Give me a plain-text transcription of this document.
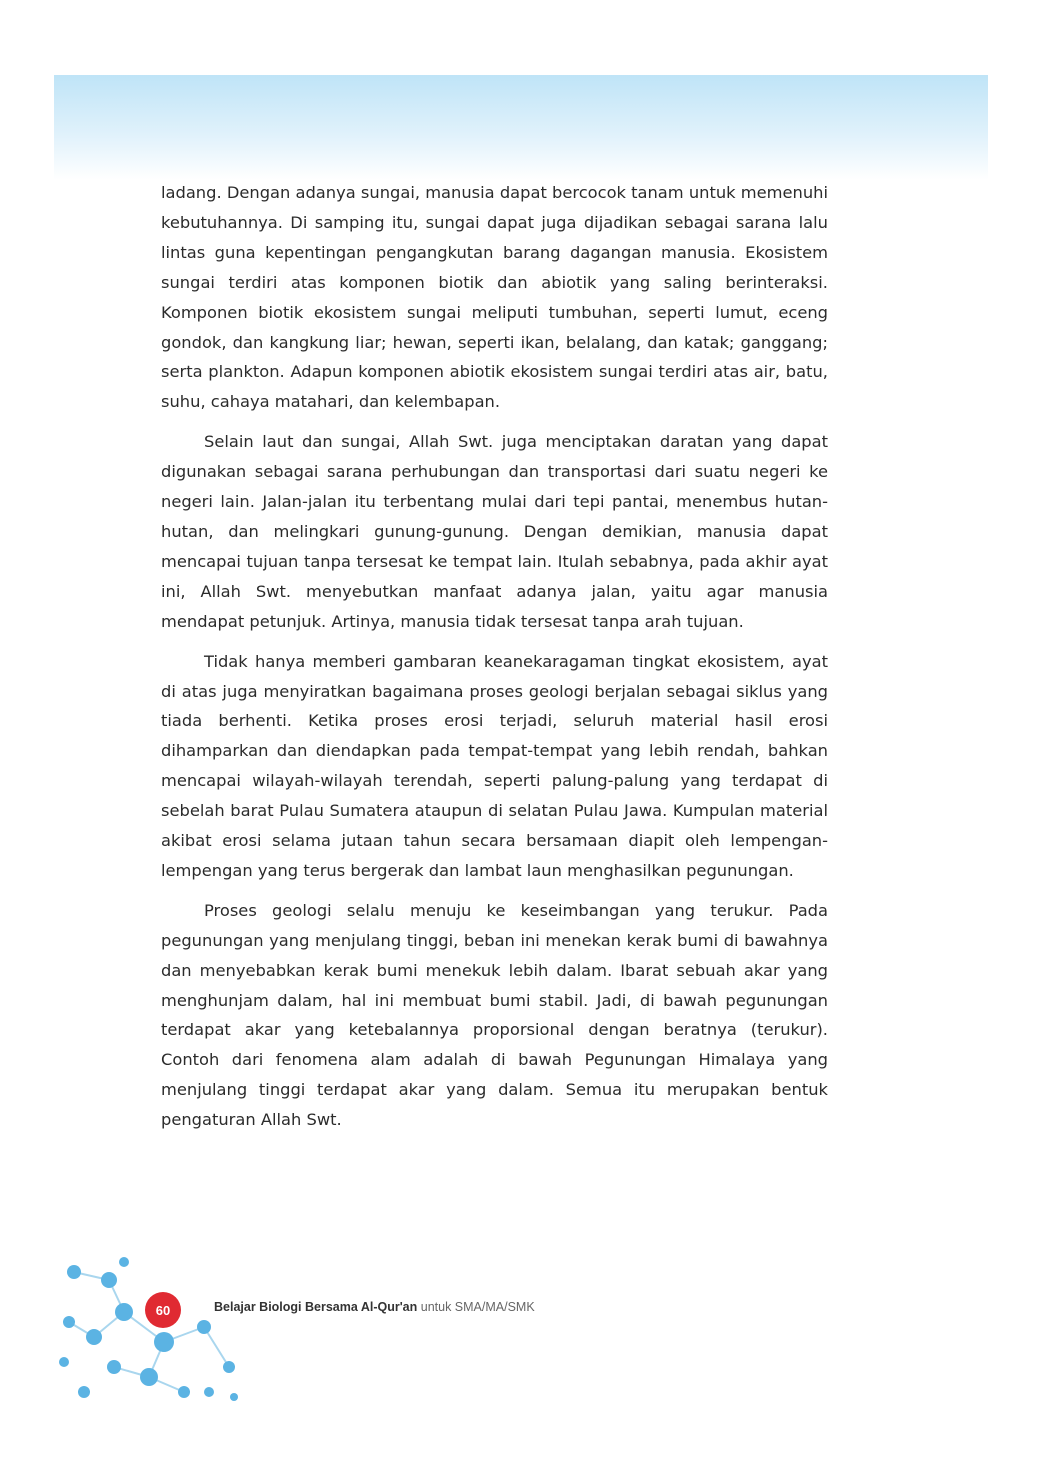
ladang. Dengan adanya sungai, manusia dapat bercocok tanam untuk memenuhi kebutuhannya. Di samping itu, sungai dapat juga dijadikan sebagai sarana lalu lintas guna kepentingan pengangkutan barang dagangan manusia. Ekosistem sungai terdiri atas komponen biotik dan abiotik yang saling berinteraksi. Komponen biotik ekosistem sungai meliputi tumbuhan, seperti lumut, eceng gondok, dan kangkung liar; hewan, seperti ikan, belalang, dan katak; ganggang; serta plankton. Adapun komponen abiotik ekosistem sungai terdiri atas air, batu, suhu, cahaya matahari, dan kelembapan.

Selain laut dan sungai, Allah Swt. juga menciptakan daratan yang dapat digunakan sebagai sarana perhubungan dan transportasi dari suatu negeri ke negeri lain. Jalan-jalan itu terbentang mulai dari tepi pantai, menembus hutan-hutan, dan melingkari gunung-gunung. Dengan demikian, manusia dapat mencapai tujuan tanpa tersesat ke tempat lain. Itulah sebabnya, pada akhir ayat ini, Allah Swt. menyebutkan manfaat adanya jalan, yaitu agar manusia mendapat petunjuk. Artinya, manusia tidak tersesat tanpa arah tujuan.

Tidak hanya memberi gambaran keanekaragaman tingkat ekosistem, ayat di atas juga menyiratkan bagaimana proses geologi berjalan sebagai siklus yang tiada berhenti. Ketika proses erosi terjadi, seluruh material hasil erosi dihamparkan dan diendapkan pada tempat-tempat yang lebih rendah, bahkan mencapai wilayah-wilayah terendah, seperti palung-palung yang terdapat di sebelah barat Pulau Sumatera ataupun di selatan Pulau Jawa. Kumpulan material akibat erosi selama jutaan tahun secara bersamaan diapit oleh lempengan-lempengan yang terus bergerak dan lambat laun menghasilkan pegunungan.

Proses geologi selalu menuju ke keseimbangan yang terukur. Pada pegunungan yang menjulang tinggi, beban ini menekan kerak bumi di bawahnya dan menyebabkan kerak bumi menekuk lebih dalam. Ibarat sebuah akar yang menghunjam dalam, hal ini membuat bumi stabil. Jadi, di bawah pegunungan terdapat akar yang ketebalannya proporsional dengan beratnya (terukur). Contoh dari fenomena alam adalah di bawah Pegunungan Himalaya yang menjulang tinggi terdapat akar yang dalam. Semua itu merupakan bentuk pengaturan Allah Swt.

60	Belajar Biologi Bersama Al-Qur'an untuk SMA/MA/SMK
